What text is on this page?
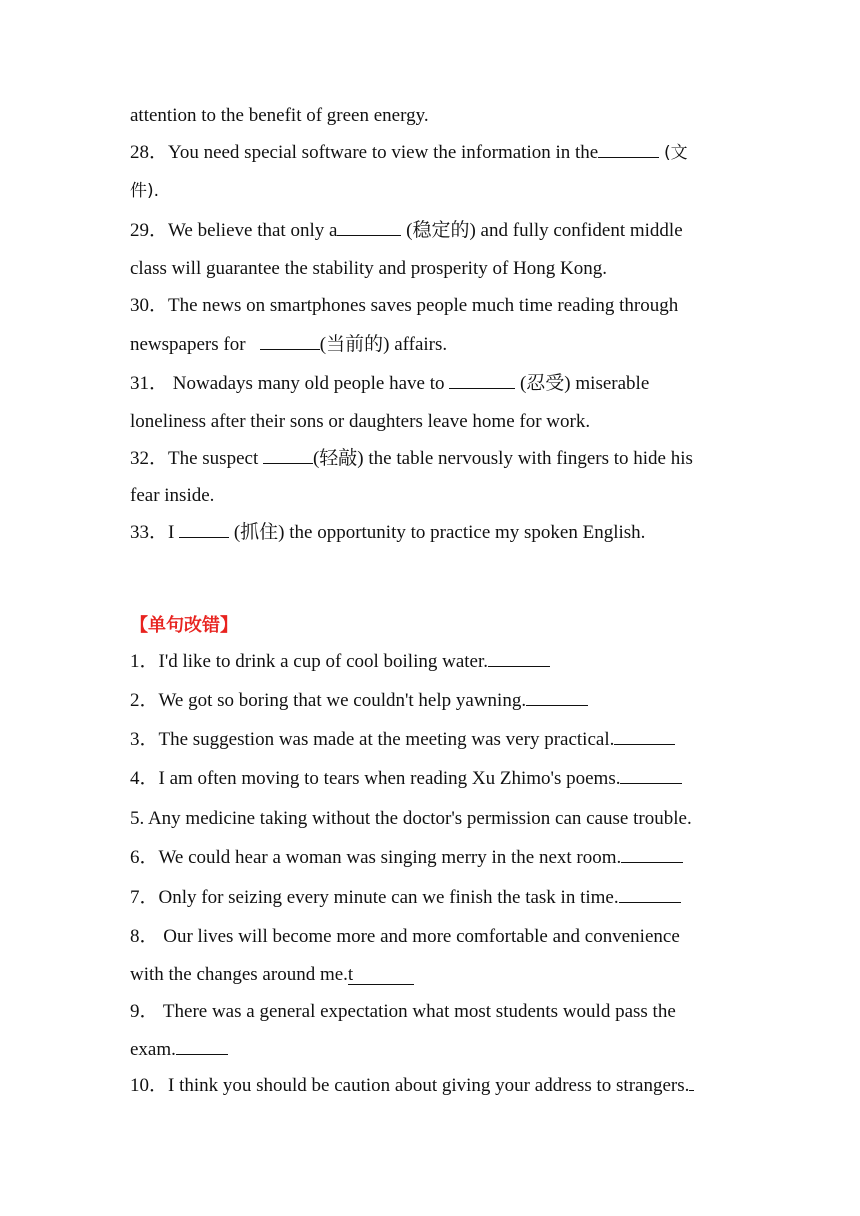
attention to the benefit of green energy.
28．You need special software to view the information in the	(文
件).
29．We believe that only a	(稳定的) and fully confident middle
class will guarantee the stability and prosperity of Hong Kong.
30．The news on smartphones saves people much time reading through
newspapers for	(当前的) affairs.
31． Nowadays many old people have to	(忍受) miserable
loneliness after their sons or daughters leave home for work.
32．The suspect	(轻敲) the table nervously with fingers to hide his
fear inside.
33．I	(抓住) the opportunity to practice my spoken English.
【单句改错】
1．I'd like to drink a cup of cool boiling water.
2．We got so boring that we couldn't help yawning.
3．The suggestion was made at the meeting was very practical.
4．I am often moving to tears when reading Xu Zhimo's poems.
5. Any medicine taking without the doctor's permission can cause trouble.
6．We could hear a woman was singing merry in the next room.
7．Only for seizing every minute can we finish the task in time.
8． Our lives will become more and more comfortable and convenience
with the changes around me.t
9． There was a general expectation what most students would pass the
exam.
10．I think you should be caution about giving your address to strangers.
